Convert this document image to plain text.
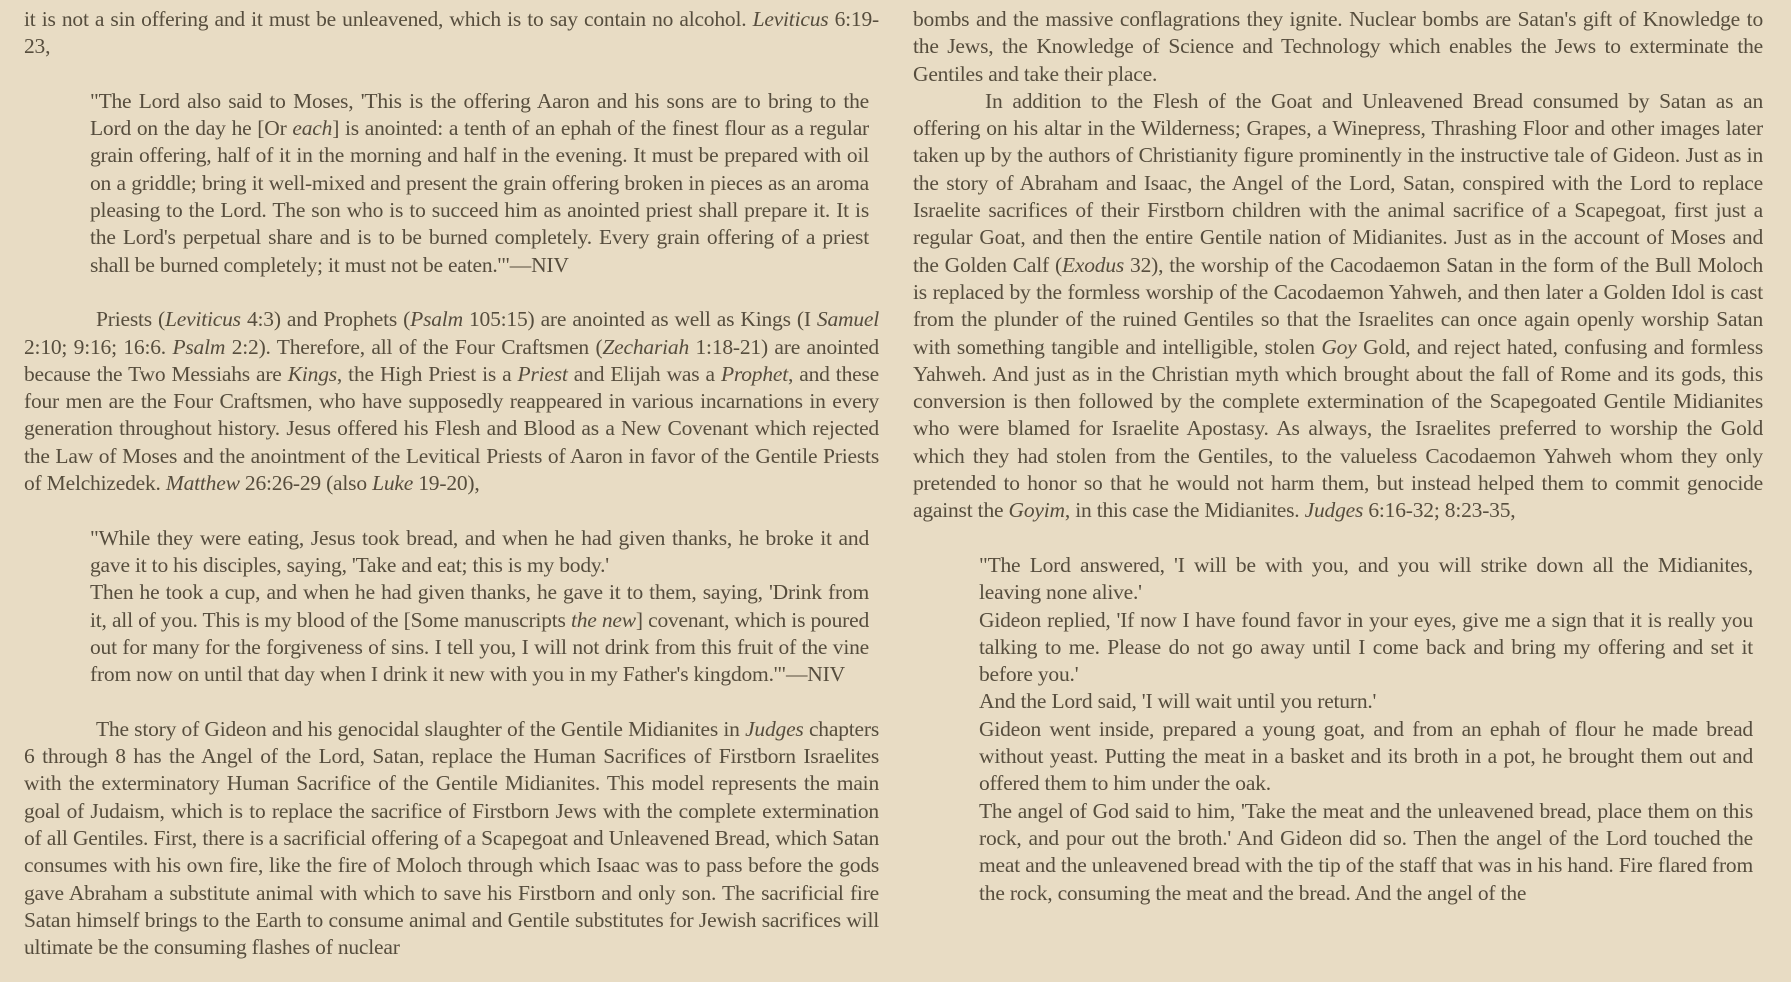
it is not a sin offering and it must be unleavened, which is to say contain no alcohol. Leviticus 6:19-23,

"The Lord also said to Moses, 'This is the offering Aaron and his sons are to bring to the Lord on the day he [Or each] is anointed: a tenth of an ephah of the finest flour as a regular grain offering, half of it in the morning and half in the evening. It must be prepared with oil on a griddle; bring it well-mixed and present the grain offering broken in pieces as an aroma pleasing to the Lord. The son who is to succeed him as anointed priest shall prepare it. It is the Lord's perpetual share and is to be burned completely. Every grain offering of a priest shall be burned completely; it must not be eaten.'"—NIV

Priests (Leviticus 4:3) and Prophets (Psalm 105:15) are anointed as well as Kings (I Samuel 2:10; 9:16; 16:6. Psalm 2:2). Therefore, all of the Four Craftsmen (Zechariah 1:18-21) are anointed because the Two Messiahs are Kings, the High Priest is a Priest and Elijah was a Prophet, and these four men are the Four Craftsmen, who have supposedly reappeared in various incarnations in every generation throughout history. Jesus offered his Flesh and Blood as a New Covenant which rejected the Law of Moses and the anointment of the Levitical Priests of Aaron in favor of the Gentile Priests of Melchizedek. Matthew 26:26-29 (also Luke 19-20),

"While they were eating, Jesus took bread, and when he had given thanks, he broke it and gave it to his disciples, saying, 'Take and eat; this is my body.'

Then he took a cup, and when he had given thanks, he gave it to them, saying, 'Drink from it, all of you. This is my blood of the [Some manuscripts the new] covenant, which is poured out for many for the forgiveness of sins. I tell you, I will not drink from this fruit of the vine from now on until that day when I drink it new with you in my Father's kingdom.'"—NIV

The story of Gideon and his genocidal slaughter of the Gentile Midianites in Judges chapters 6 through 8 has the Angel of the Lord, Satan, replace the Human Sacrifices of Firstborn Israelites with the exterminatory Human Sacrifice of the Gentile Midianites. This model represents the main goal of Judaism, which is to replace the sacrifice of Firstborn Jews with the complete extermination of all Gentiles. First, there is a sacrificial offering of a Scapegoat and Unleavened Bread, which Satan consumes with his own fire, like the fire of Moloch through which Isaac was to pass before the gods gave Abraham a substitute animal with which to save his Firstborn and only son. The sacrificial fire Satan himself brings to the Earth to consume animal and Gentile substitutes for Jewish sacrifices will ultimate be the consuming flashes of nuclear

bombs and the massive conflagrations they ignite. Nuclear bombs are Satan's gift of Knowledge to the Jews, the Knowledge of Science and Technology which enables the Jews to exterminate the Gentiles and take their place.

In addition to the Flesh of the Goat and Unleavened Bread consumed by Satan as an offering on his altar in the Wilderness; Grapes, a Winepress, Thrashing Floor and other images later taken up by the authors of Christianity figure prominently in the instructive tale of Gideon. Just as in the story of Abraham and Isaac, the Angel of the Lord, Satan, conspired with the Lord to replace Israelite sacrifices of their Firstborn children with the animal sacrifice of a Scapegoat, first just a regular Goat, and then the entire Gentile nation of Midianites. Just as in the account of Moses and the Golden Calf (Exodus 32), the worship of the Cacodaemon Satan in the form of the Bull Moloch is replaced by the formless worship of the Cacodaemon Yahweh, and then later a Golden Idol is cast from the plunder of the ruined Gentiles so that the Israelites can once again openly worship Satan with something tangible and intelligible, stolen Goy Gold, and reject hated, confusing and formless Yahweh. And just as in the Christian myth which brought about the fall of Rome and its gods, this conversion is then followed by the complete extermination of the Scapegoated Gentile Midianites who were blamed for Israelite Apostasy. As always, the Israelites preferred to worship the Gold which they had stolen from the Gentiles, to the valueless Cacodaemon Yahweh whom they only pretended to honor so that he would not harm them, but instead helped them to commit genocide against the Goyim, in this case the Midianites. Judges 6:16-32; 8:23-35,

"The Lord answered, 'I will be with you, and you will strike down all the Midianites, leaving none alive.'

Gideon replied, 'If now I have found favor in your eyes, give me a sign that it is really you talking to me. Please do not go away until I come back and bring my offering and set it before you.'

And the Lord said, 'I will wait until you return.'

Gideon went inside, prepared a young goat, and from an ephah of flour he made bread without yeast. Putting the meat in a basket and its broth in a pot, he brought them out and offered them to him under the oak.

The angel of God said to him, 'Take the meat and the unleavened bread, place them on this rock, and pour out the broth.' And Gideon did so. Then the angel of the Lord touched the meat and the unleavened bread with the tip of the staff that was in his hand. Fire flared from the rock, consuming the meat and the bread. And the angel of the
